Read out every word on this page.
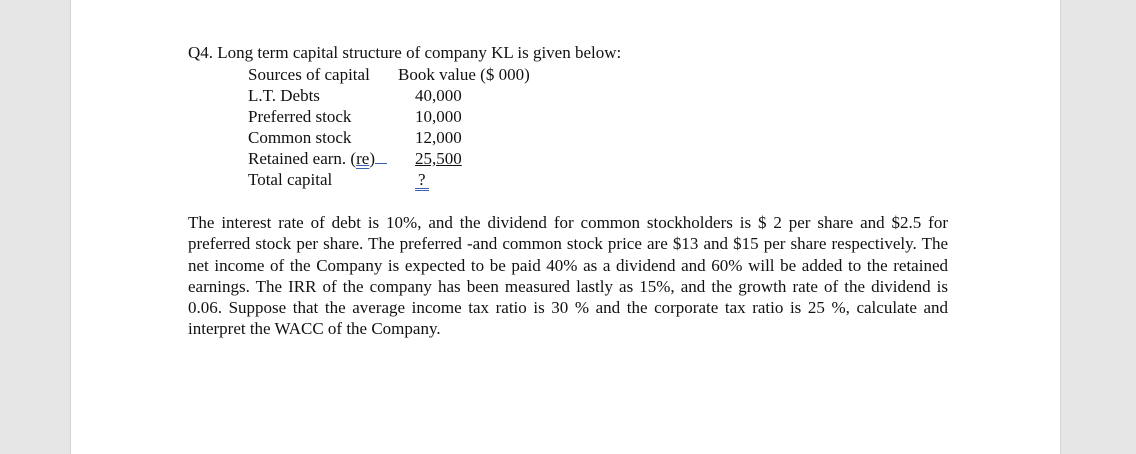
Q4. Long term capital structure of company KL is given below:
Sources of capital	Book value ($ 000)
L.T. Debts	40,000
Preferred stock	10,000
Common stock	12,000
Retained earn. (re)	25,500
Total capital	?
The interest rate of debt is 10%, and the dividend for common stockholders is $ 2 per share and $2.5 for preferred stock per share. The preferred -and common stock price are $13 and $15 per share respectively. The net income of the Company is expected to be paid 40% as a dividend and 60% will be added to the retained earnings. The IRR of the company has been measured lastly as 15%, and the growth rate of the dividend is 0.06. Suppose that the average income tax ratio is 30 % and the corporate tax ratio is 25 %, calculate and interpret the WACC of the Company.
